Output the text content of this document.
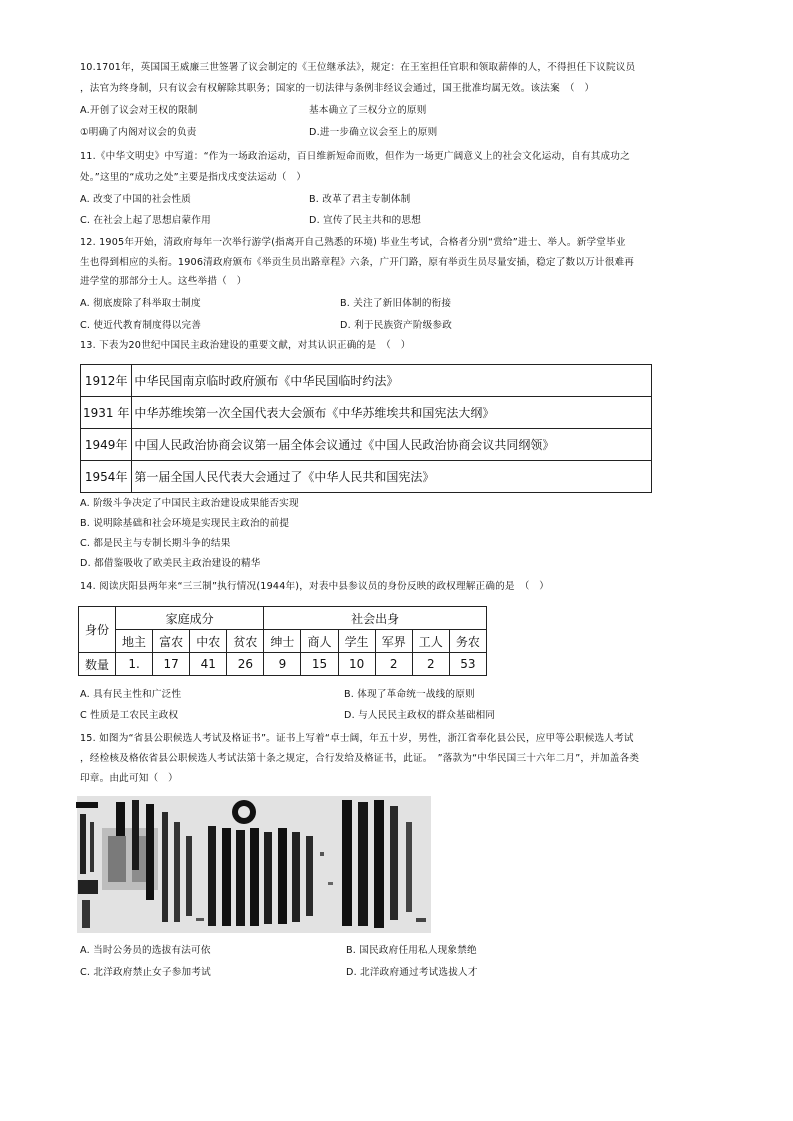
10.1701年，英国国王威廉三世签署了议会制定的《王位继承法》，规定：在王室担任官职和领取薪俸的人，不得担任下议院议员
，法官为终身制，只有议会有权解除其职务；国家的一切法律与条例非经议会通过，国王批准均属无效。该法案　（　）
A.开创了议会对王权的限制	基本确立了三权分立的原则
①明确了内阁对议会的负责	D.进一步确立议会至上的原则
11.《中华文明史》中写道：“作为一场政治运动，百日维新短命而败，但作为一场更广阔意义上的社会文化运动，自有其成功之
处。”这里的“成功之处”主要是指戊戌变法运动（　）
A. 改变了中国的社会性质	B. 改革了君主专制体制
C. 在社会上起了思想启蒙作用	D. 宣传了民主共和的思想
12. 1905年开始，清政府每年一次举行游学(指离开自己熟悉的环境) 毕业生考试，合格者分别“赏给”进士、举人。新学堂毕业
生也得到相应的头衔。1906清政府颁布《举贡生员出路章程》六条，广开门路，原有举贡生员尽量安插，稳定了数以万计很难再
进学堂的那部分士人。这些举措（　）
A. 彻底废除了科举取士制度	B. 关注了新旧体制的衔接
C. 使近代教育制度得以完善	D. 利于民族资产阶级参政
13. 下表为20世纪中国民主政治建设的重要文献，对其认识正确的是　（　）
1912年	中华民国南京临时政府颁布《中华民国临时约法》
1931 年	中华苏维埃第一次全国代表大会颁布《中华苏维埃共和国宪法大纲》
1949年	中国人民政治协商会议第一届全体会议通过《中国人民政治协商会议共同纲领》
1954年	第一届全国人民代表大会通过了《中华人民共和国宪法》
A. 阶级斗争决定了中国民主政治建设成果能否实现
B. 说明除基础和社会环境是实现民主政治的前提
C. 都是民主与专制长期斗争的结果
D. 都借鉴吸收了欧美民主政治建设的精华
14. 阅读庆阳县两年来“三三制”执行情况(1944年)，对表中县参议员的身份反映的政权理解正确的是　（　）
身份	家庭成分				社会出身					
	地主	富农	中农	贫农	绅士	商人	学生	军界	工人	务农
数量	1.	17	41	26	9	15	10	2	2	53
A. 具有民主性和广泛性	B. 体现了革命统一战线的原则
C 性质是工农民主政权	D. 与人民民主政权的群众基础相同
15. 如图为“省县公职候选人考试及格证书”。证书上写着“卓士阔，年五十岁，男性，浙江省奉化县公民，应甲等公职候选人考试
，经检核及格依省县公职候选人考试法第十条之规定，合行发给及格证书，此证。　”落款为“中华民国三十六年二月”，并加盖各类
印章。由此可知（　）
A. 当时公务员的选拔有法可依	B. 国民政府任用私人现象禁绝
C. 北洋政府禁止女子参加考试	D. 北洋政府通过考试选拔人才
